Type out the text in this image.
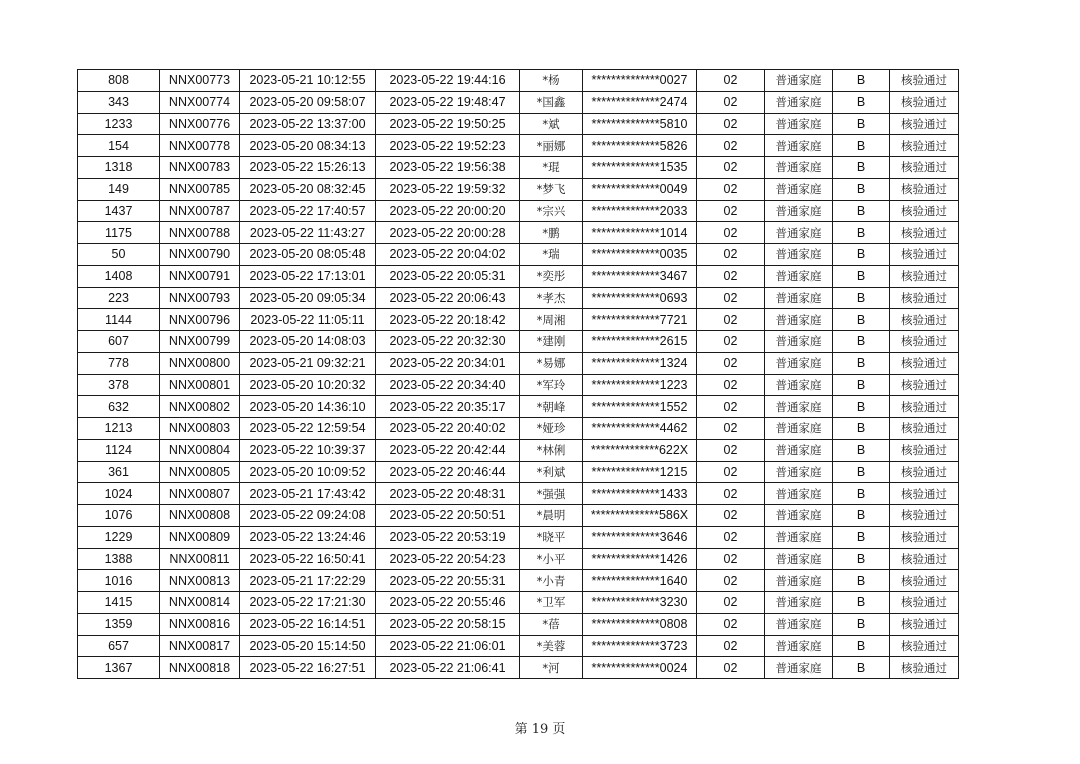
808	NNX00773	2023-05-21 10:12:55	2023-05-22 19:44:16	*杨	**************0027	02	普通家庭	B	核验通过
343	NNX00774	2023-05-20 09:58:07	2023-05-22 19:48:47	*国鑫	**************2474	02	普通家庭	B	核验通过
1233	NNX00776	2023-05-22 13:37:00	2023-05-22 19:50:25	*斌	**************5810	02	普通家庭	B	核验通过
154	NNX00778	2023-05-20 08:34:13	2023-05-22 19:52:23	*丽娜	**************5826	02	普通家庭	B	核验通过
1318	NNX00783	2023-05-22 15:26:13	2023-05-22 19:56:38	*琨	**************1535	02	普通家庭	B	核验通过
149	NNX00785	2023-05-20 08:32:45	2023-05-22 19:59:32	*梦飞	**************0049	02	普通家庭	B	核验通过
1437	NNX00787	2023-05-22 17:40:57	2023-05-22 20:00:20	*宗兴	**************2033	02	普通家庭	B	核验通过
1175	NNX00788	2023-05-22 11:43:27	2023-05-22 20:00:28	*鹏	**************1014	02	普通家庭	B	核验通过
50	NNX00790	2023-05-20 08:05:48	2023-05-22 20:04:02	*瑞	**************0035	02	普通家庭	B	核验通过
1408	NNX00791	2023-05-22 17:13:01	2023-05-22 20:05:31	*奕彤	**************3467	02	普通家庭	B	核验通过
223	NNX00793	2023-05-20 09:05:34	2023-05-22 20:06:43	*孝杰	**************0693	02	普通家庭	B	核验通过
1144	NNX00796	2023-05-22 11:05:11	2023-05-22 20:18:42	*周湘	**************7721	02	普通家庭	B	核验通过
607	NNX00799	2023-05-20 14:08:03	2023-05-22 20:32:30	*建刚	**************2615	02	普通家庭	B	核验通过
778	NNX00800	2023-05-21 09:32:21	2023-05-22 20:34:01	*易娜	**************1324	02	普通家庭	B	核验通过
378	NNX00801	2023-05-20 10:20:32	2023-05-22 20:34:40	*军玲	**************1223	02	普通家庭	B	核验通过
632	NNX00802	2023-05-20 14:36:10	2023-05-22 20:35:17	*朝峰	**************1552	02	普通家庭	B	核验通过
1213	NNX00803	2023-05-22 12:59:54	2023-05-22 20:40:02	*娅珍	**************4462	02	普通家庭	B	核验通过
1124	NNX00804	2023-05-22 10:39:37	2023-05-22 20:42:44	*林俐	**************622X	02	普通家庭	B	核验通过
361	NNX00805	2023-05-20 10:09:52	2023-05-22 20:46:44	*利斌	**************1215	02	普通家庭	B	核验通过
1024	NNX00807	2023-05-21 17:43:42	2023-05-22 20:48:31	*强强	**************1433	02	普通家庭	B	核验通过
1076	NNX00808	2023-05-22 09:24:08	2023-05-22 20:50:51	*晨明	**************586X	02	普通家庭	B	核验通过
1229	NNX00809	2023-05-22 13:24:46	2023-05-22 20:53:19	*晓平	**************3646	02	普通家庭	B	核验通过
1388	NNX00811	2023-05-22 16:50:41	2023-05-22 20:54:23	*小平	**************1426	02	普通家庭	B	核验通过
1016	NNX00813	2023-05-21 17:22:29	2023-05-22 20:55:31	*小青	**************1640	02	普通家庭	B	核验通过
1415	NNX00814	2023-05-22 17:21:30	2023-05-22 20:55:46	*卫军	**************3230	02	普通家庭	B	核验通过
1359	NNX00816	2023-05-22 16:14:51	2023-05-22 20:58:15	*蓓	**************0808	02	普通家庭	B	核验通过
657	NNX00817	2023-05-20 15:14:50	2023-05-22 21:06:01	*美蓉	**************3723	02	普通家庭	B	核验通过
1367	NNX00818	2023-05-22 16:27:51	2023-05-22 21:06:41	*河	**************0024	02	普通家庭	B	核验通过
第 19 页
